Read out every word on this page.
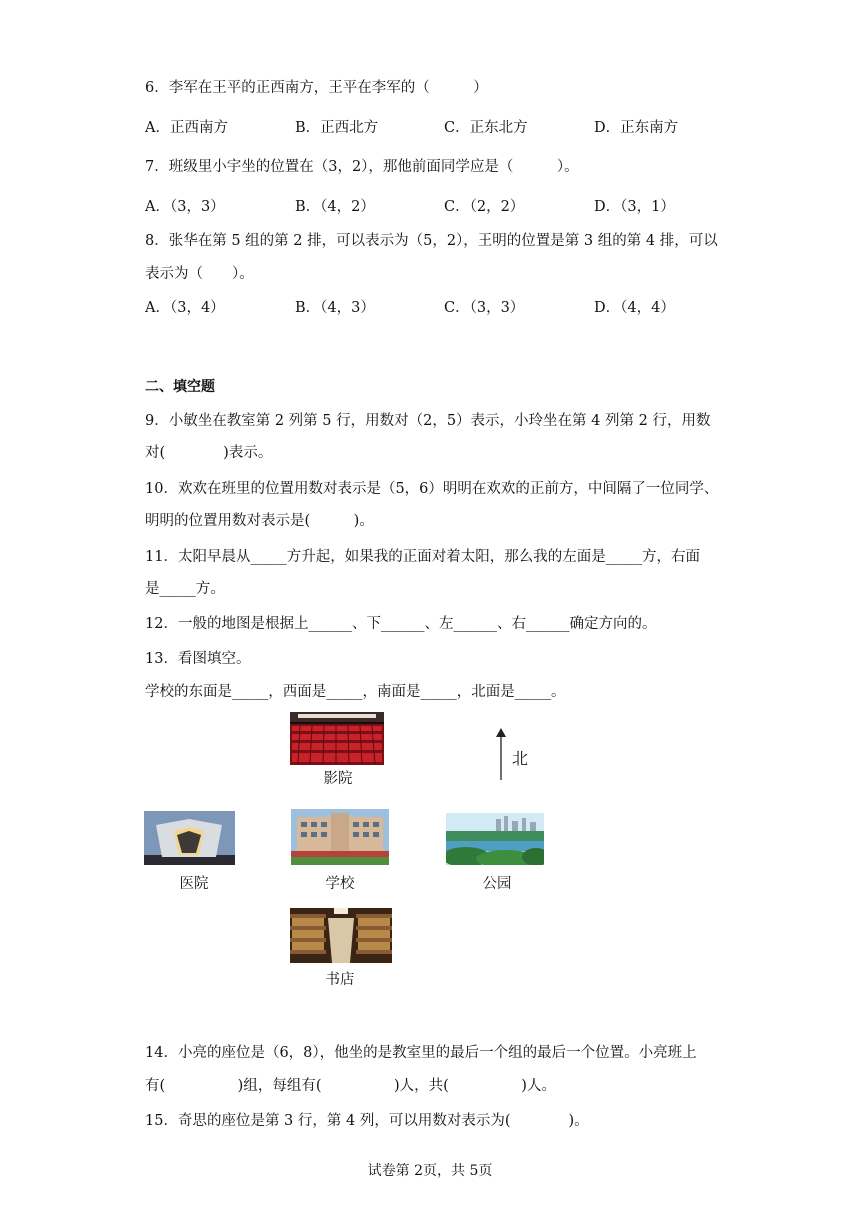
6．李军在王平的正西南方，王平在李军的（　　　）
A．正西南方	B．正西北方	C．正东北方	D．正东南方
7．班级里小宇坐的位置在（3，2），那他前面同学应是（　　　）。
A．（3，3）	B．（4，2）	C．（2，2）	D．（3，1）
8．张华在第 5 组的第 2 排，可以表示为（5，2），王明的位置是第 3 组的第 4 排，可以
表示为（　　）。
A．（3，4）	B．（4，3）	C．（3，3）	D．（4，4）
二、填空题
9．小敏坐在教室第 2 列第 5 行，用数对（2，5）表示，小玲坐在第 4 列第 2 行，用数
对(　　　　)表示。
10．欢欢在班里的位置用数对表示是（5，6）明明在欢欢的正前方，中间隔了一位同学、
明明的位置用数对表示是(　　　)。
11．太阳早晨从_____方升起，如果我的正面对着太阳，那么我的左面是_____方，右面
是_____方。
12．一般的地图是根据上______、下______、左______、右______确定方向的。
13．看图填空。
学校的东面是_____，西面是_____，南面是_____，北面是_____。
影院
北
医院	学校	公园
书店
14．小亮的座位是（6，8），他坐的是教室里的最后一个组的最后一个位置。小亮班上
有(　　　　　)组，每组有(　　　　　)人，共(　　　　　)人。
15．奇思的座位是第 3 行，第 4 列，可以用数对表示为(　　　　)。
试卷第 2页，共 5页
